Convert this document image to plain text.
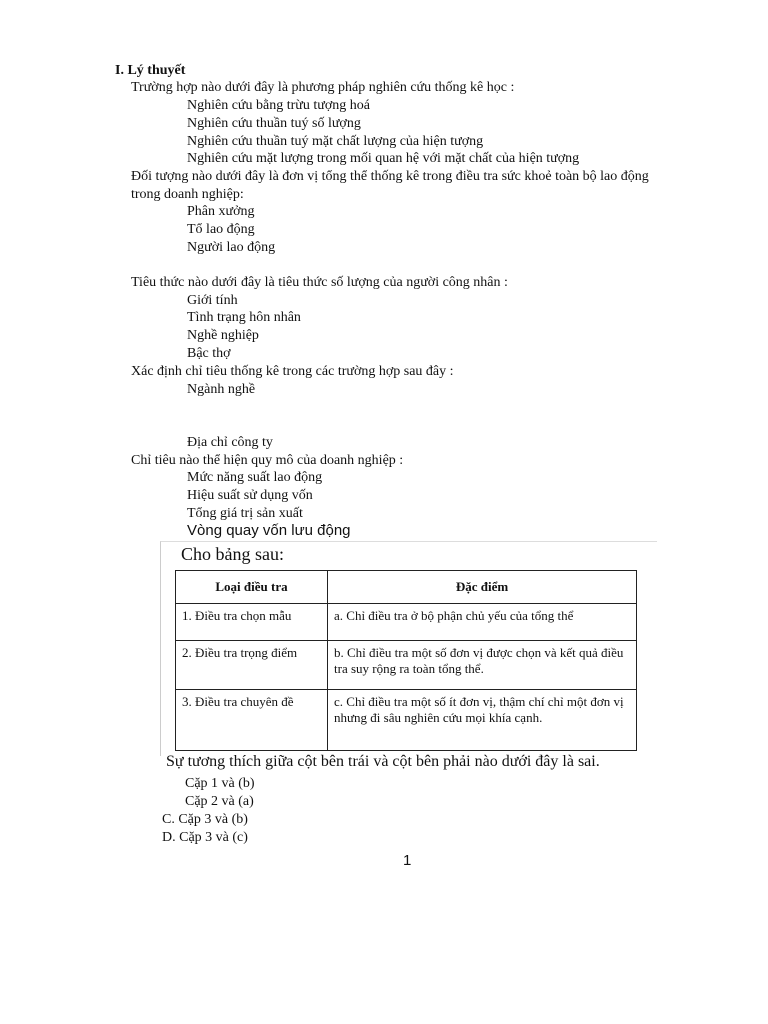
I. Lý thuyết
Trường hợp nào dưới đây là phương pháp nghiên cứu thống kê học :
Nghiên cứu bằng trừu tượng hoá
Nghiên cứu thuần tuý số lượng
Nghiên cứu thuần tuý mặt chất lượng của hiện tượng
Nghiên cứu mặt lượng trong mối quan hệ với mặt chất của hiện tượng
Đối tượng nào dưới đây là đơn vị tổng thể thống kê trong điều tra sức khoẻ toàn bộ lao động
trong doanh nghiệp:
Phân xưởng
Tổ lao động
Người lao động
Tiêu thức nào dưới đây là tiêu thức số lượng của người công nhân :
Giới tính
Tình trạng hôn nhân
Nghề nghiệp
Bậc thợ
Xác định chỉ tiêu thống kê trong các trường hợp sau đây :
Ngành nghề
Địa chỉ công ty
Chỉ tiêu nào thể hiện quy mô của doanh nghiệp :
Mức năng suất lao động
Hiệu suất sử dụng vốn
Tổng giá trị sản xuất
Vòng quay vốn lưu động
Cho bảng sau:
Loại điều tra	Đặc điểm
1. Điều tra chọn mẫu	a. Chỉ điều tra ở bộ phận chủ yếu của tổng thể
2. Điều tra trọng điểm	b. Chỉ điều tra một số đơn vị được chọn và kết quả điều tra suy rộng ra toàn tổng thể.
3. Điều tra chuyên đề	c. Chỉ điều tra một số ít đơn vị, thậm chí chỉ một đơn vị nhưng đi sâu nghiên cứu mọi khía cạnh.
Sự tương thích giữa cột bên trái và cột bên phải nào dưới đây là sai.
Cặp 1 và (b)
Cặp 2 và (a)
C. Cặp 3 và (b)
D. Cặp 3 và (c)
1
